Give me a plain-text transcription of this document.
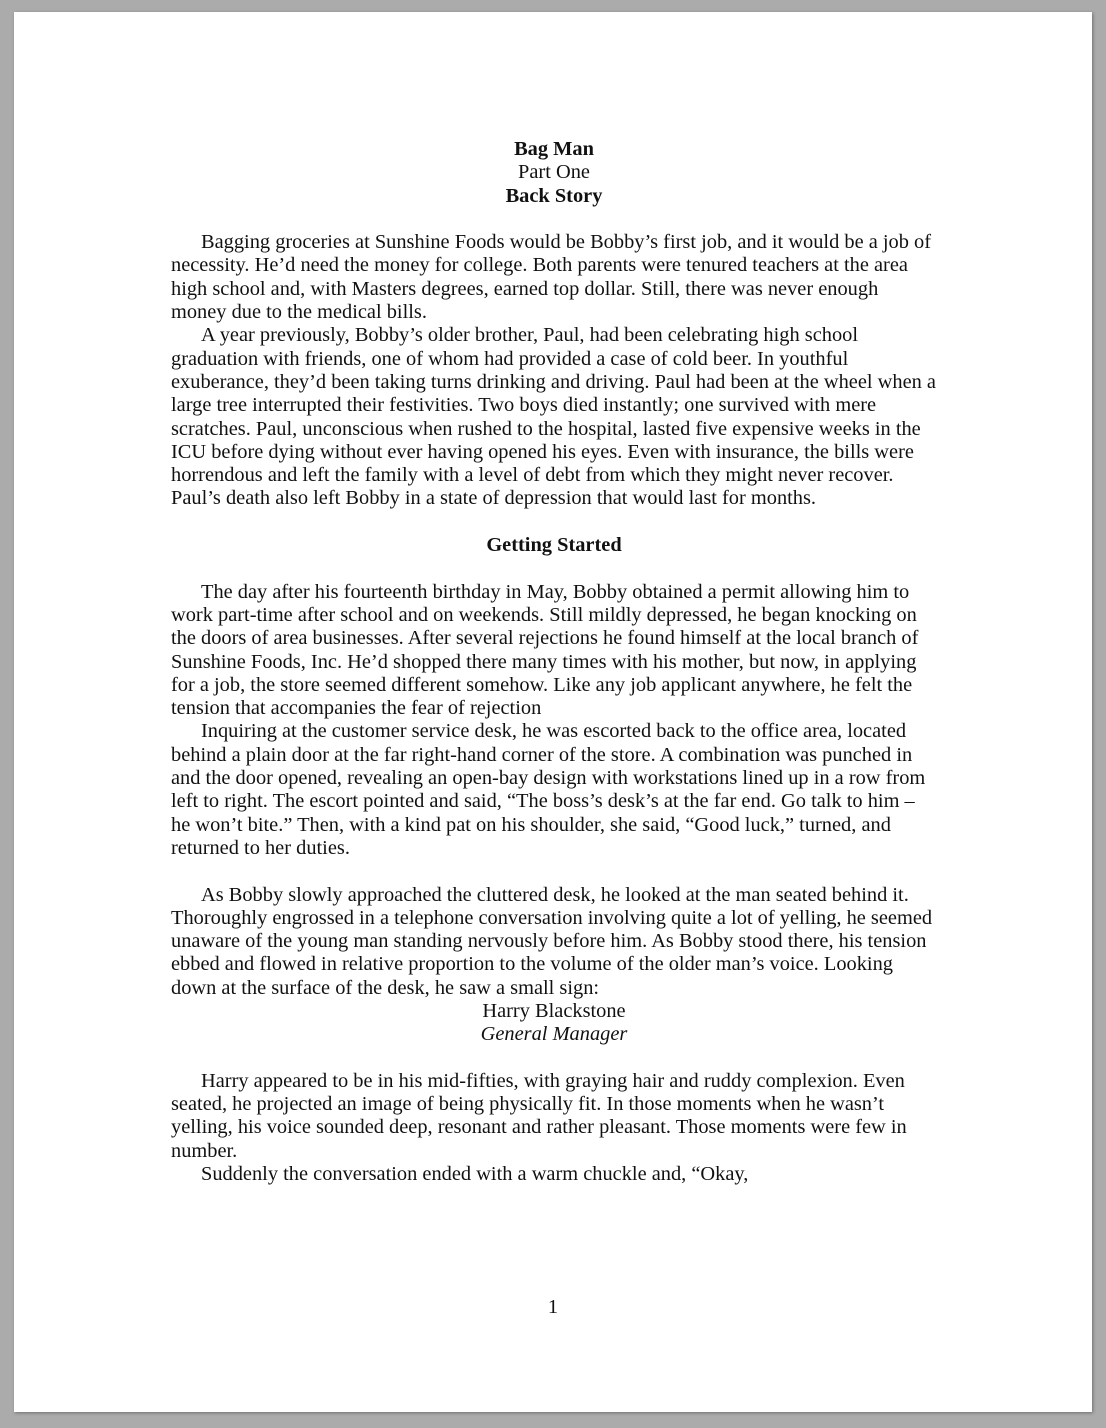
Bag Man
Part One
Back Story

Bagging groceries at Sunshine Foods would be Bobby’s first job, and it would be a job of necessity. He’d need the money for college. Both parents were tenured teachers at the area high school and, with Masters degrees, earned top dollar. Still, there was never enough money due to the medical bills.

A year previously, Bobby’s older brother, Paul, had been celebrating high school graduation with friends, one of whom had provided a case of cold beer. In youthful exuberance, they’d been taking turns drinking and driving. Paul had been at the wheel when a large tree interrupted their festivities. Two boys died instantly; one survived with mere scratches. Paul, unconscious when rushed to the hospital, lasted five expensive weeks in the ICU before dying without ever having opened his eyes. Even with insurance, the bills were horrendous and left the family with a level of debt from which they might never recover. Paul’s death also left Bobby in a state of depression that would last for months.

Getting Started

The day after his fourteenth birthday in May, Bobby obtained a permit allowing him to work part-time after school and on weekends. Still mildly depressed, he began knocking on the doors of area businesses. After several rejections he found himself at the local branch of Sunshine Foods, Inc. He’d shopped there many times with his mother, but now, in applying for a job, the store seemed different somehow. Like any job applicant anywhere, he felt the tension that accompanies the fear of rejection

Inquiring at the customer service desk, he was escorted back to the office area, located behind a plain door at the far right-hand corner of the store. A combination was punched in and the door opened, revealing an open-bay design with workstations lined up in a row from left to right. The escort pointed and said, “The boss’s desk’s at the far end. Go talk to him – he won’t bite.” Then, with a kind pat on his shoulder, she said, “Good luck,” turned, and returned to her duties.

As Bobby slowly approached the cluttered desk, he looked at the man seated behind it. Thoroughly engrossed in a telephone conversation involving quite a lot of yelling, he seemed unaware of the young man standing nervously before him. As Bobby stood there, his tension ebbed and flowed in relative proportion to the volume of the older man’s voice. Looking down at the surface of the desk, he saw a small sign:

Harry Blackstone
General Manager

Harry appeared to be in his mid-fifties, with graying hair and ruddy complexion. Even seated, he projected an image of being physically fit. In those moments when he wasn’t yelling, his voice sounded deep, resonant and rather pleasant. Those moments were few in number.

Suddenly the conversation ended with a warm chuckle and, “Okay,

1
